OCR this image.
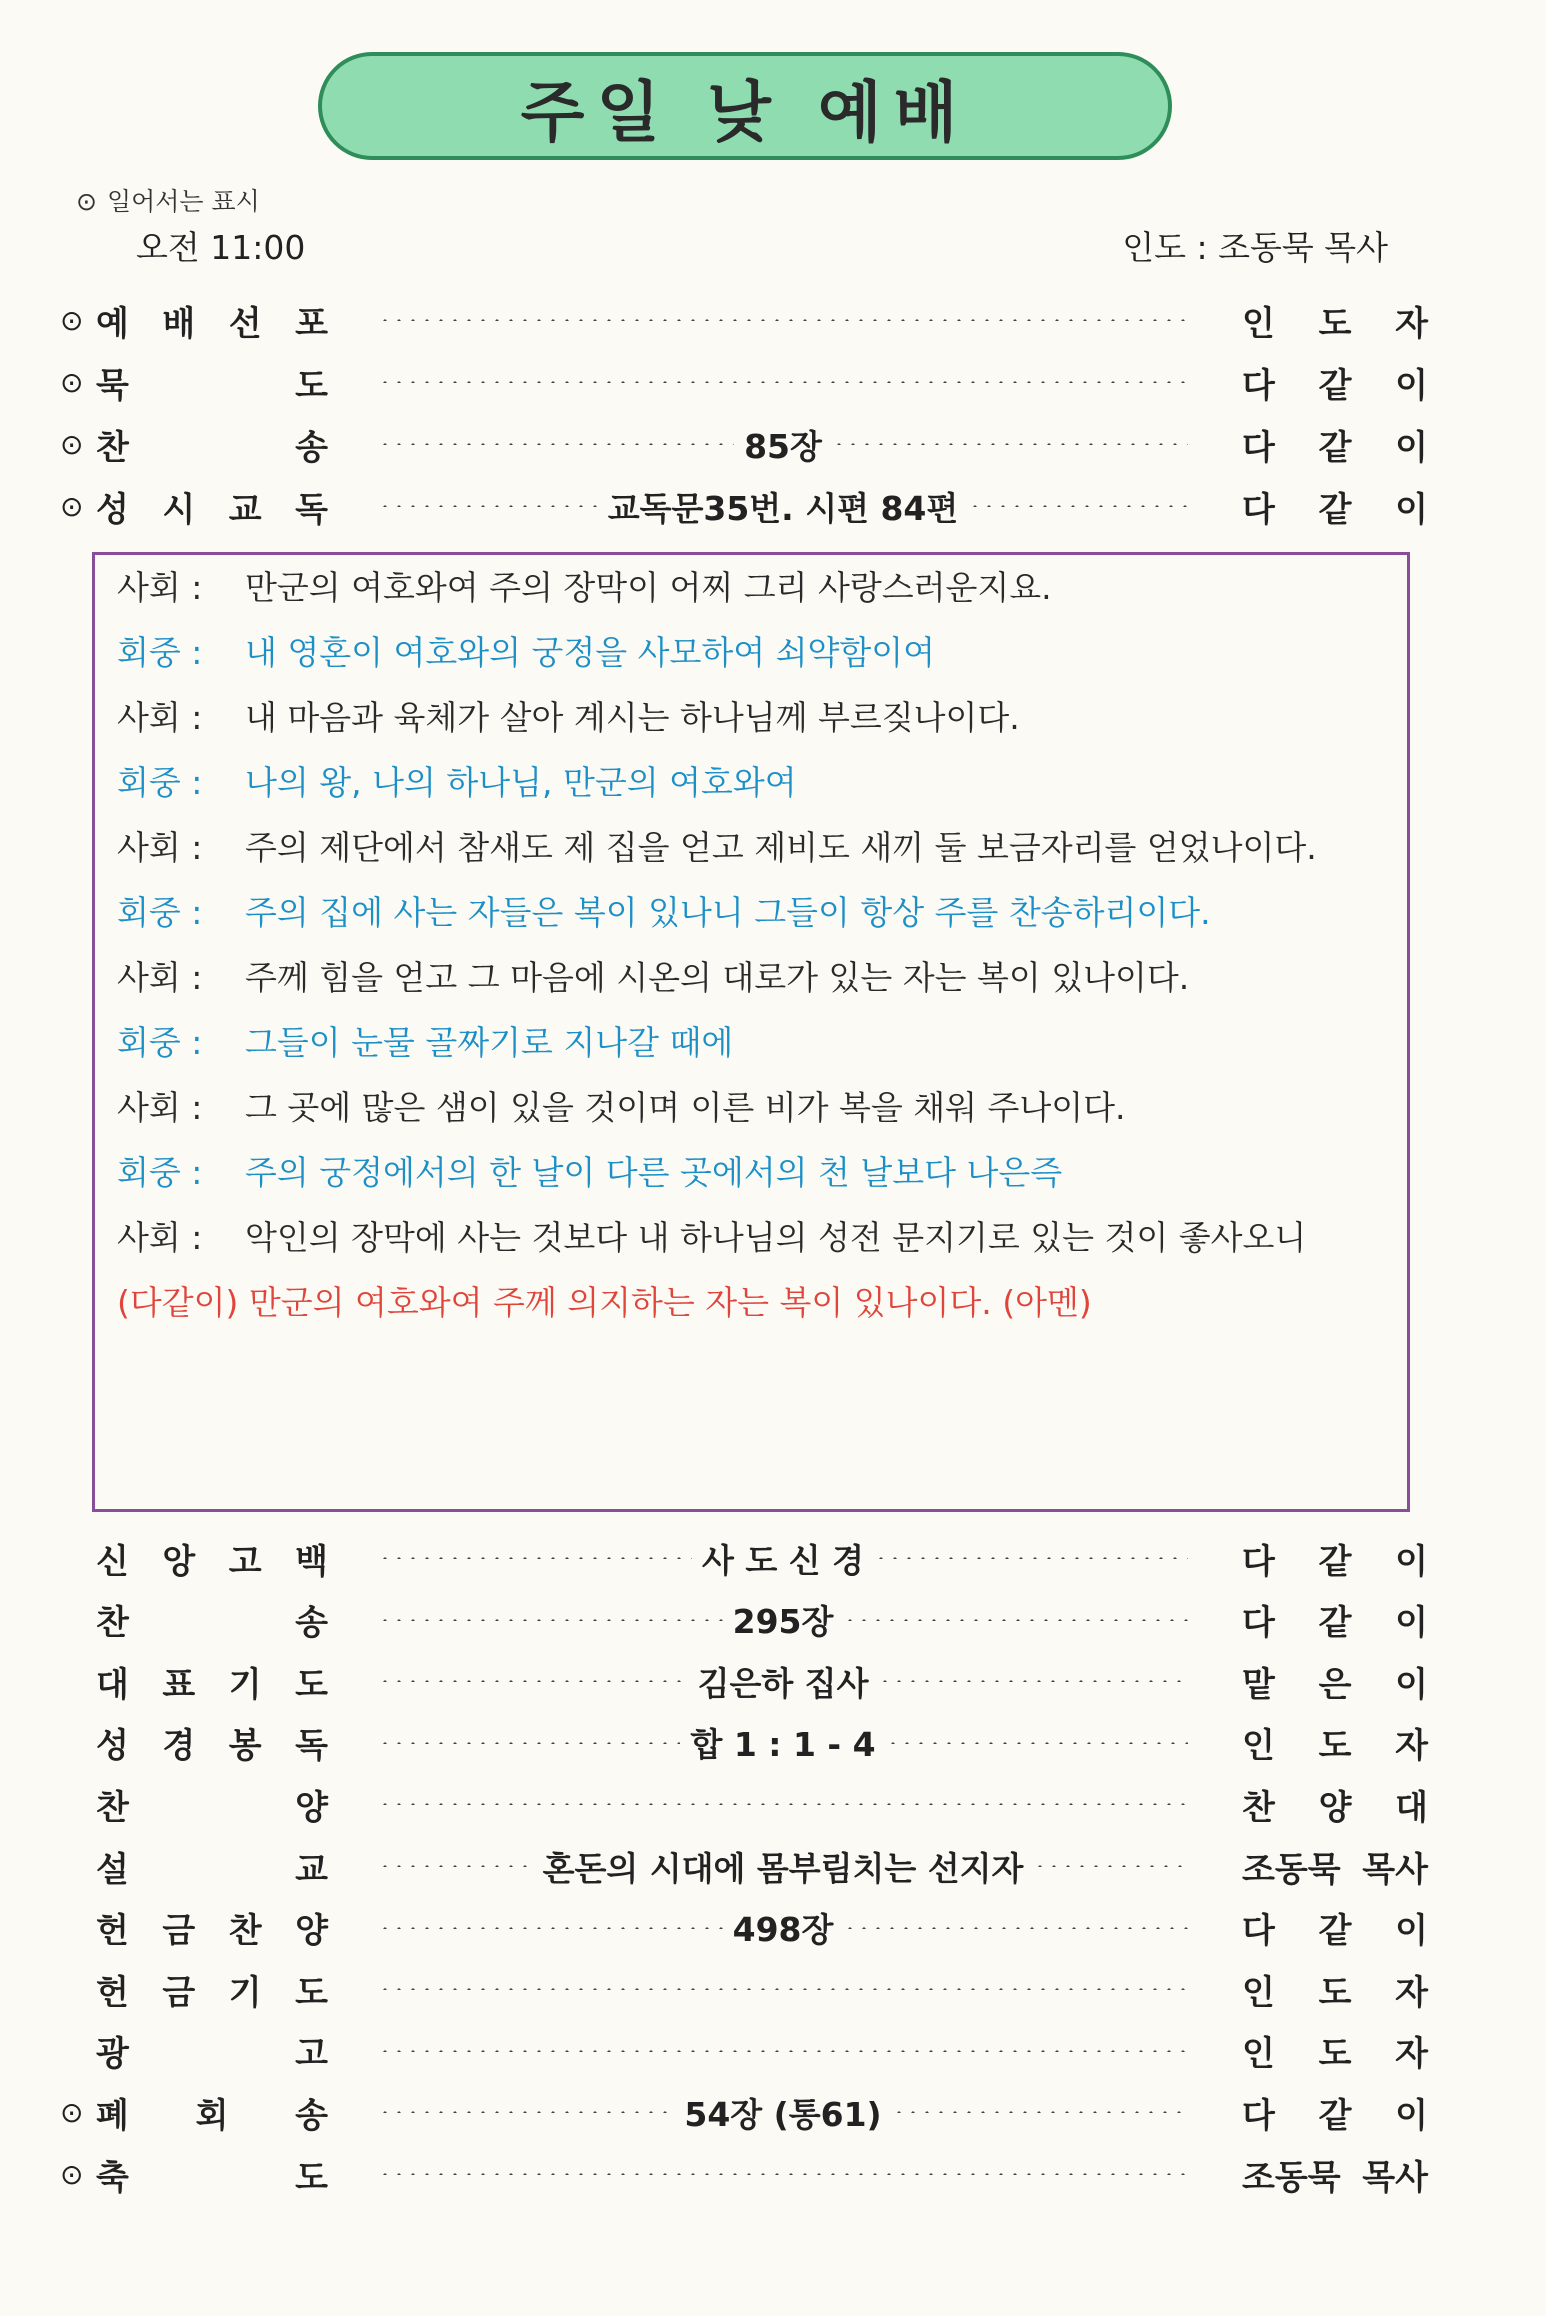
주일 낮 예배
⊙ 일어서는 표시
오전 11:00	인도 : 조동묵 목사
⊙ 예 배 선 포	인 도 자
⊙ 묵	도	다 같 이
⊙ 찬	송	85장	다 같 이
⊙ 성 시 교 독	교독문35번. 시편 84편	다 같 이
사회 :	만군의 여호와여 주의 장막이 어찌 그리 사랑스러운지요.
회중 :	내 영혼이 여호와의 궁정을 사모하여 쇠약함이여
사회 :	내 마음과 육체가 살아 계시는 하나님께 부르짖나이다.
회중 :	나의 왕, 나의 하나님, 만군의 여호와여
사회 :	주의 제단에서 참새도 제 집을 얻고 제비도 새끼 둘 보금자리를 얻었나이다.
회중 :	주의 집에 사는 자들은 복이 있나니 그들이 항상 주를 찬송하리이다.
사회 :	주께 힘을 얻고 그 마음에 시온의 대로가 있는 자는 복이 있나이다.
회중 :	그들이 눈물 골짜기로 지나갈 때에
사회 :	그 곳에 많은 샘이 있을 것이며 이른 비가 복을 채워 주나이다.
회중 :	주의 궁정에서의 한 날이 다른 곳에서의 천 날보다 나은즉
사회 :	악인의 장막에 사는 것보다 내 하나님의 성전 문지기로 있는 것이 좋사오니
(다같이) 만군의 여호와여 주께 의지하는 자는 복이 있나이다. (아멘)
신 앙 고 백	사 도 신 경	다 같 이
찬	송	295장	다 같 이
대 표 기 도	김은하 집사	맡 은 이
성 경 봉 독	합 1 : 1 - 4	인 도 자
찬	양	찬 양 대
설	교	혼돈의 시대에 몸부림치는 선지자	조동묵 목사
헌 금 찬 양	498장	다 같 이
헌 금 기 도	인 도 자
광	고	인 도 자
⊙ 폐 회 송	54장 (통61)	다 같 이
⊙ 축	도	조동묵 목사
